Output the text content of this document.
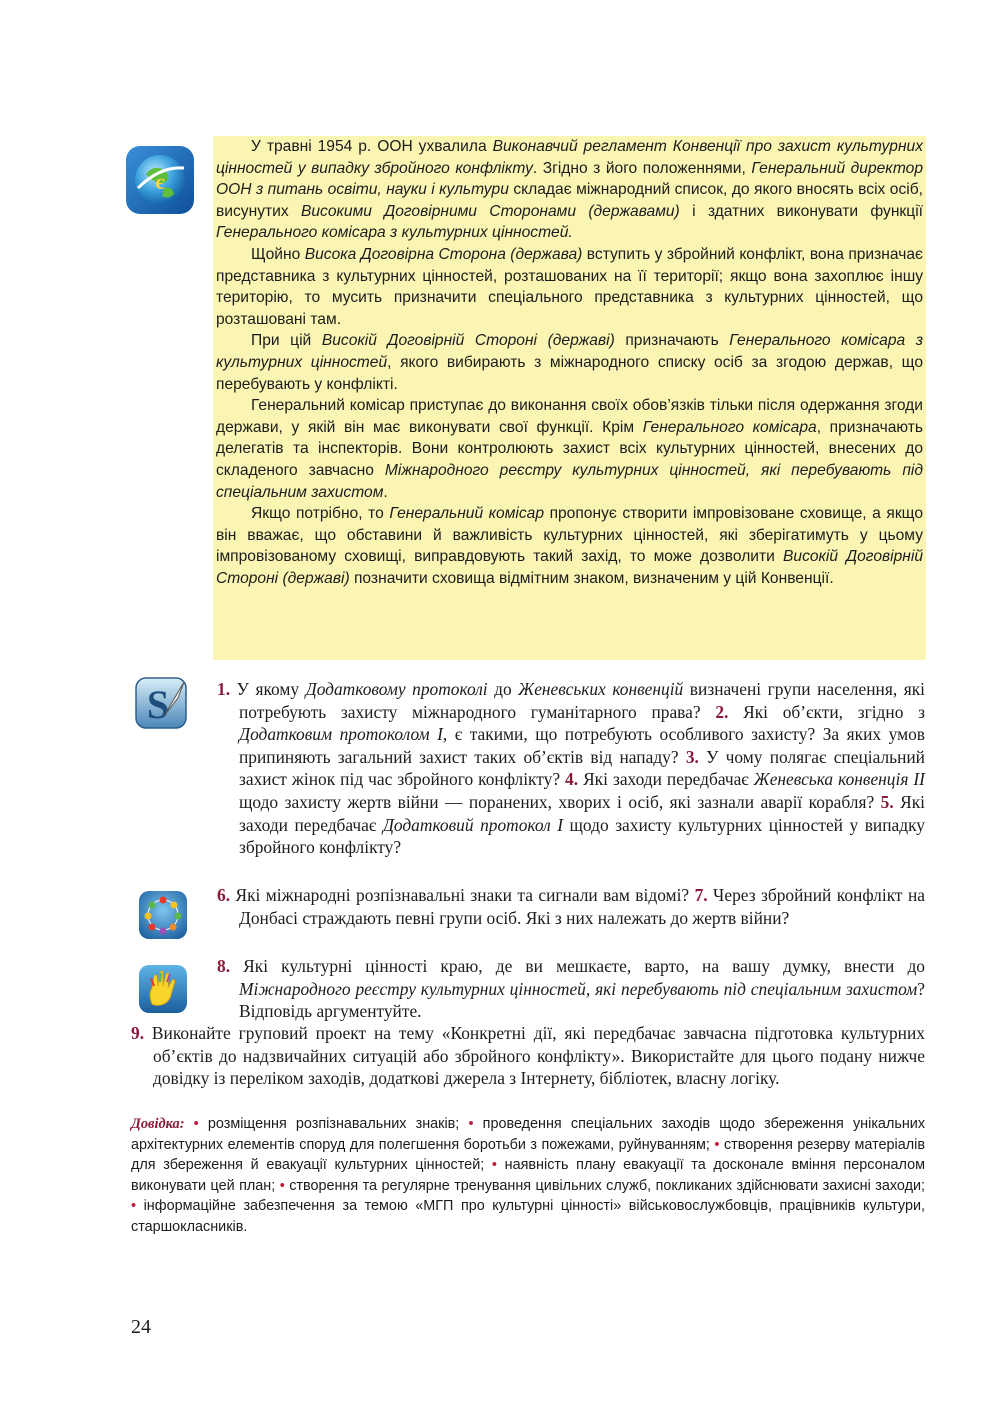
є
S

У травні 1954 р. ООН ухвалила Виконавчий регламент Конвенції про захист культурних цінностей у випадку збройного конфлікту. Згідно з його положеннями, Генеральний директор ООН з питань освіти, науки і культури складає міжнародний список, до якого вносять всіх осіб, висунутих Високими Договірними Сторонами (державами) і здатних виконувати функції Генерального комісара з культурних цінностей.

Щойно Висока Договірна Сторона (держава) вступить у збройний конфлікт, вона призначає представника з культурних цінностей, розташованих на її території; якщо вона захоплює іншу територію, то мусить призначити спеціального представника з культурних цінностей, що розташовані там.

При цій Високій Договірній Стороні (державі) призначають Генерального комісара з культурних цінностей, якого вибирають з міжнародного списку осіб за згодою держав, що перебувають у конфлікті.

Генеральний комісар приступає до виконання своїх обов’язків тільки після одержання згоди держави, у якій він має виконувати свої функції. Крім Генерального комісара, призначають делегатів та інспекторів. Вони контролюють захист всіх культурних цінностей, внесених до складеного завчасно Міжнародного реєстру культурних цінностей, які перебувають під спеціальним захистом.

Якщо потрібно, то Генеральний комісар пропонує створити імпровізоване сховище, а якщо він вважає, що обставини й важливість культурних цінностей, які зберігатимуть у цьому імпровізованому сховищі, виправдовують такий захід, то може дозволити Високій Договірній Стороні (державі) позначити сховища відмітним знаком, визначеним у цій Конвенції.

1. У якому Додатковому протоколі до Женевських конвенцій визначені групи населення, які потребують захисту міжнародного гуманітарного права? 2. Які об’єкти, згідно з Додатковим протоколом I, є такими, що потребують особливого захисту? За яких умов припиняють загальний захист таких об’єктів від нападу? 3. У чому полягає спеціальний захист жінок під час збройного конфлікту? 4. Які заходи передбачає Женевська конвенція II щодо захисту жертв війни — поранених, хворих і осіб, які зазнали аварії корабля? 5. Які заходи передбачає Додатковий протокол I щодо захисту культурних цінностей у випадку збройного конфлікту?

6. Які міжнародні розпізнавальні знаки та сигнали вам відомі? 7. Через збройний конфлікт на Донбасі страждають певні групи осіб. Які з них належать до жертв війни?

8. Які культурні цінності краю, де ви мешкаєте, варто, на вашу думку, внести до Міжнародного реєстру культурних цінностей, які перебувають під спеціальним захистом? Відповідь аргументуйте.

9. Виконайте груповий проект на тему «Конкретні дії, які передбачає завчасна підготовка культурних об’єктів до надзвичайних ситуацій або збройного конфлікту». Використайте для цього подану нижче довідку із переліком заходів, додаткові джерела з Інтернету, бібліотек, власну логіку.

Довідка: • розміщення розпізнавальних знаків; • проведення спеціальних заходів щодо збереження унікальних архітектурних елементів споруд для полегшення боротьби з пожежами, руйнуванням; • створення резерву матеріалів для збереження й евакуації культурних цінностей; • наявність плану евакуації та досконале вміння персоналом виконувати цей план; • створення та регулярне тренування цивільних служб, покликаних здійснювати захисні заходи; • інформаційне забезпечення за темою «МГП про культурні цінності» військовослужбовців, працівників культури, старшокласників.

24
